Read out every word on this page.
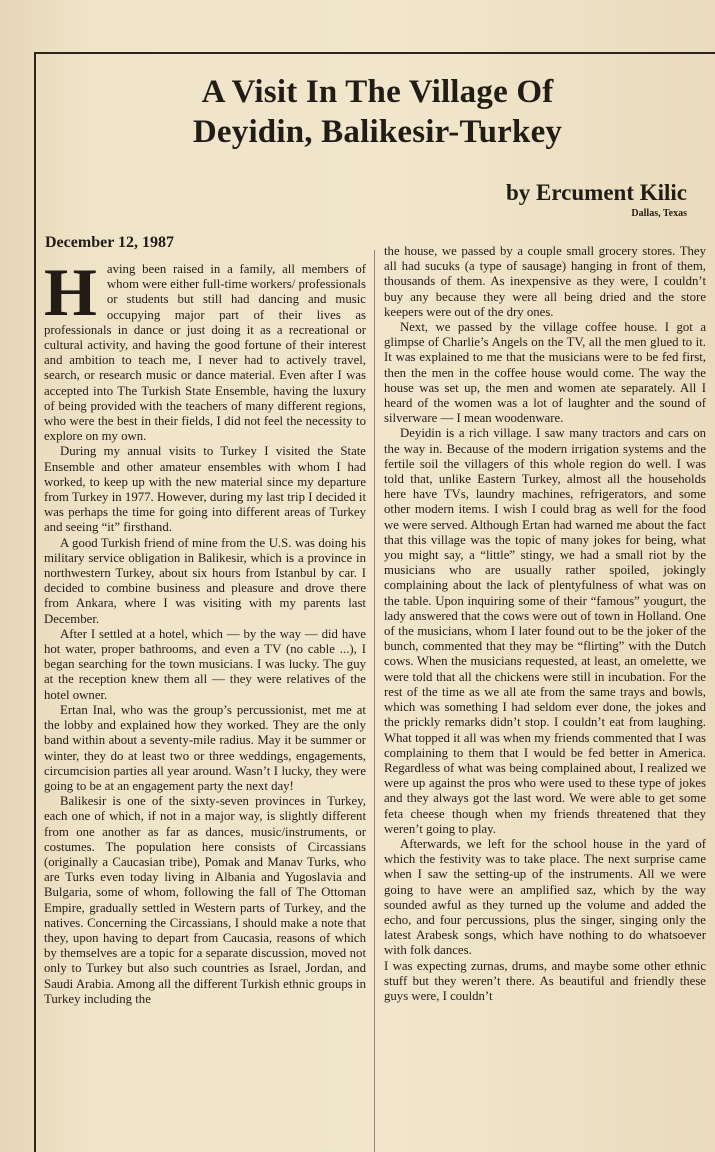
A Visit In The Village Of
Deyidin, Balikesir-Turkey
by Ercument Kilic
Dallas, Texas
December 12, 1987

Having been raised in a family, all members of whom were either full-time workers/ professionals or students but still had dancing and music occupying major part of their lives as professionals in dance or just doing it as a recreational or cultural activity, and having the good fortune of their interest and ambition to teach me, I never had to actively travel, search, or research music or dance material. Even after I was accepted into The Turkish State Ensemble, having the luxury of being provided with the teachers of many different regions, who were the best in their fields, I did not feel the necessity to explore on my own.

During my annual visits to Turkey I visited the State Ensemble and other amateur ensembles with whom I had worked, to keep up with the new material since my departure from Turkey in 1977. However, during my last trip I decided it was perhaps the time for going into different areas of Turkey and seeing “it” firsthand.

A good Turkish friend of mine from the U.S. was doing his military service obligation in Balikesir, which is a province in northwestern Turkey, about six hours from Istanbul by car. I decided to combine business and pleasure and drove there from Ankara, where I was visiting with my parents last December.

After I settled at a hotel, which — by the way — did have hot water, proper bathrooms, and even a TV (no cable ...), I began searching for the town musicians. I was lucky. The guy at the reception knew them all — they were relatives of the hotel owner.

Ertan Inal, who was the group’s percussionist, met me at the lobby and explained how they worked. They are the only band within about a seventy-mile radius. May it be summer or winter, they do at least two or three weddings, engagements, circumcision parties all year around. Wasn’t I lucky, they were going to be at an engagement party the next day!

Balikesir is one of the sixty-seven provinces in Turkey, each one of which, if not in a major way, is slightly different from one another as far as dances, music/instruments, or costumes. The population here consists of Circassians (originally a Caucasian tribe), Pomak and Manav Turks, who are Turks even today living in Albania and Yugoslavia and Bulgaria, some of whom, following the fall of The Ottoman Empire, gradually settled in Western parts of Turkey, and the natives. Concerning the Circassians, I should make a note that they, upon having to depart from Caucasia, reasons of which by themselves are a topic for a separate discussion, moved not only to Turkey but also such countries as Israel, Jordan, and Saudi Arabia. Among all the different Turkish ethnic groups in Turkey including the

the house, we passed by a couple small grocery stores. They all had sucuks (a type of sausage) hanging in front of them, thousands of them. As inexpensive as they were, I couldn’t buy any because they were all being dried and the store keepers were out of the dry ones.

Next, we passed by the village coffee house. I got a glimpse of Charlie’s Angels on the TV, all the men glued to it. It was explained to me that the musicians were to be fed first, then the men in the coffee house would come. The way the house was set up, the men and women ate separately. All I heard of the women was a lot of laughter and the sound of silverware — I mean woodenware.

Deyidin is a rich village. I saw many tractors and cars on the way in. Because of the modern irrigation systems and the fertile soil the villagers of this whole region do well. I was told that, unlike Eastern Turkey, almost all the households here have TVs, laundry machines, refrigerators, and some other modern items. I wish I could brag as well for the food we were served. Although Ertan had warned me about the fact that this village was the topic of many jokes for being, what you might say, a “little” stingy, we had a small riot by the musicians who are usually rather spoiled, jokingly complaining about the lack of plentyfulness of what was on the table. Upon inquiring some of their “famous” yougurt, the lady answered that the cows were out of town in Holland. One of the musicians, whom I later found out to be the joker of the bunch, commented that they may be “flirting” with the Dutch cows. When the musicians requested, at least, an omelette, we were told that all the chickens were still in incubation. For the rest of the time as we all ate from the same trays and bowls, which was something I had seldom ever done, the jokes and the prickly remarks didn’t stop. I couldn’t eat from laughing. What topped it all was when my friends commented that I was complaining to them that I would be fed better in America. Regardless of what was being complained about, I realized we were up against the pros who were used to these type of jokes and they always got the last word. We were able to get some feta cheese though when my friends threatened that they weren’t going to play.

Afterwards, we left for the school house in the yard of which the festivity was to take place. The next surprise came when I saw the setting-up of the instruments. All we were going to have were an amplified saz, which by the way sounded awful as they turned up the volume and added the echo, and four percussions, plus the singer, singing only the latest Arabesk songs, which have nothing to do whatsoever with folk dances.

I was expecting zurnas, drums, and maybe some other ethnic stuff but they weren’t there. As beautiful and friendly these guys were, I couldn’t
